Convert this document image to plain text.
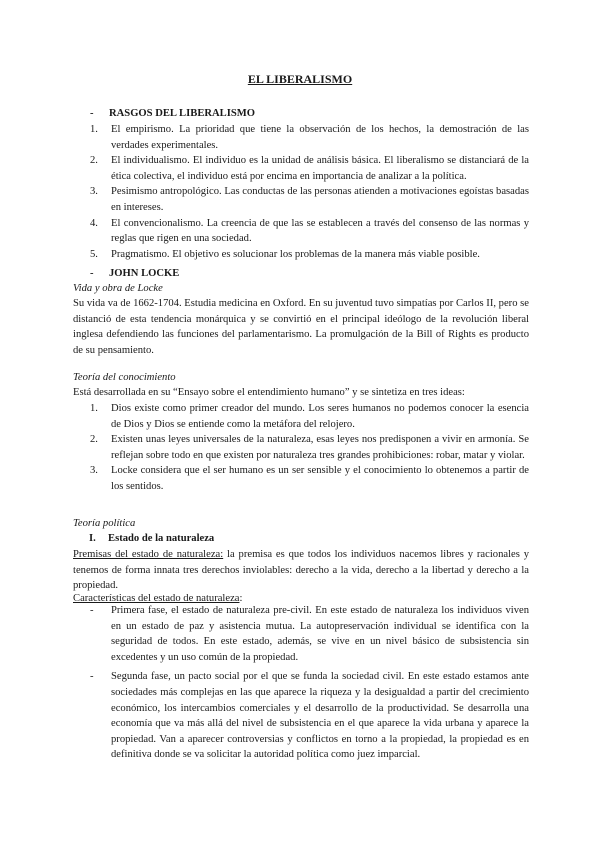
EL LIBERALISMO
- RASGOS DEL LIBERALISMO
1. El empirismo. La prioridad que tiene la observación de los hechos, la demostración de las verdades experimentales.
2. El individualismo. El individuo es la unidad de análisis básica. El liberalismo se distanciará de la ética colectiva, el individuo está por encima en importancia de analizar a la política.
3. Pesimismo antropológico. Las conductas de las personas atienden a motivaciones egoístas basadas en intereses.
4. El convencionalismo. La creencia de que las se establecen a través del consenso de las normas y reglas que rigen en una sociedad.
5. Pragmatismo. El objetivo es solucionar los problemas de la manera más viable posible.
- JOHN LOCKE
Vida y obra de Locke
Su vida va de 1662-1704. Estudia medicina en Oxford. En su juventud tuvo simpatías por Carlos II, pero se distanció de esta tendencia monárquica y se convirtió en el principal ideólogo de la revolución liberal inglesa defendiendo las funciones del parlamentarismo. La promulgación de la Bill of Rights es producto de su pensamiento.
Teoría del conocimiento
Está desarrollada en su “Ensayo sobre el entendimiento humano” y se sintetiza en tres ideas:
1. Dios existe como primer creador del mundo. Los seres humanos no podemos conocer la esencia de Dios y Dios se entiende como la metáfora del relojero.
2. Existen unas leyes universales de la naturaleza, esas leyes nos predisponen a vivir en armonía. Se reflejan sobre todo en que existen por naturaleza tres grandes prohibiciones: robar, matar y violar.
3. Locke considera que el ser humano es un ser sensible y el conocimiento lo obtenemos a partir de los sentidos.
Teoría política
I. Estado de la naturaleza
Premisas del estado de naturaleza: la premisa es que todos los individuos nacemos libres y racionales y tenemos de forma innata tres derechos inviolables: derecho a la vida, derecho a la libertad y derecho a la propiedad.
Características del estado de naturaleza:
- Primera fase, el estado de naturaleza pre-civil. En este estado de naturaleza los individuos viven en un estado de paz y asistencia mutua. La autopreservación individual se identifica con la seguridad de todos. En este estado, además, se vive en un nivel básico de subsistencia sin excedentes y un uso común de la propiedad.
- Segunda fase, un pacto social por el que se funda la sociedad civil. En este estado estamos ante sociedades más complejas en las que aparece la riqueza y la desigualdad a partir del crecimiento económico, los intercambios comerciales y el desarrollo de la productividad. Se desarrolla una economía que va más allá del nivel de subsistencia en el que aparece la vida urbana y aparece la propiedad. Van a aparecer controversias y conflictos en torno a la propiedad, la propiedad es en definitiva donde se va solicitar la autoridad política como juez imparcial.
